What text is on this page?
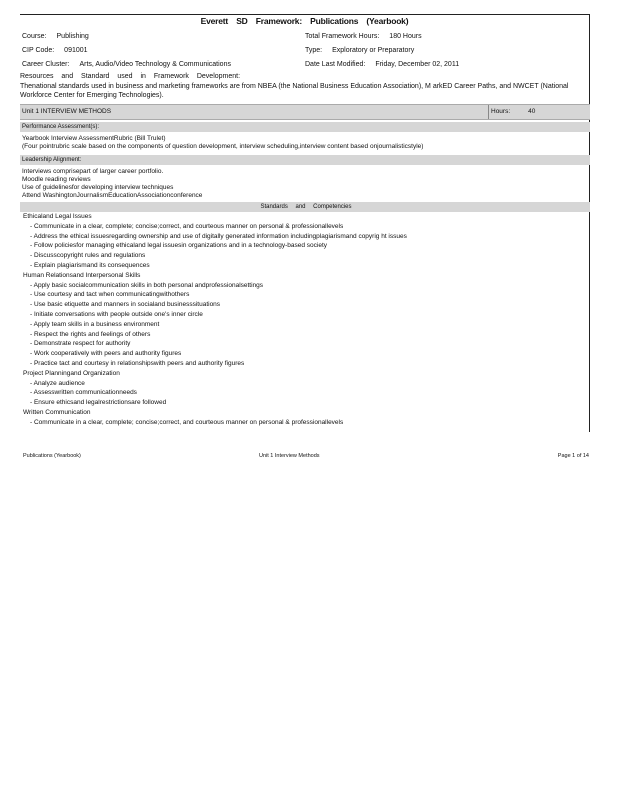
Everett SD Framework: Publications (Yearbook)
Course: Publishing
CIP Code: 091001
Career Cluster: Arts, Audio/Video Technology & Communications
Total Framework Hours: 180 Hours
Type: Exploratory or Preparatory
Date Last Modified: Friday, December 02, 2011
Resources and Standard used in Framework Development:
Thenational standards used in business and marketing frameworks are from NBEA (the National Business Education Association), M arkED Career Paths, and NWCET (National Workforce Center for Emerging Technologies).
Unit 1 INTERVIEW METHODS	Hours:	40
Performance Assessment(s):
Yearbook Interview AssessmentRubric (Bill Trulet)
(Four pointrubric scale based on the components of question development, interview scheduling,interview content based onjournalisticstyle)
Leadership Alignment:
Interviews comprisepart of larger career portfolio.
Moodle reading reviews
Use of guidelinesfor developing interview techniques
Attend WashingtonJournalismEducationAssociationconference
Standards and Competencies
Ethicaland Legal Issues
- Communicate in a clear, complete; concise;correct, and courteous manner on personal & professionallevels
- Address the ethical issuesregarding ownership and use of digitally generated information includingplagiarismand copyrig ht issues
- Follow policiesfor managing ethicaland legal issuesin organizations and in a technology-based society
- Discusscopyright rules and regulations
- Explain plagiarismand its consequences
Human Relationsand Interpersonal Skills
- Apply basic socialcommunication skills in both personal andprofessionalsettings
- Use courtesy and tact when communicatingwithothers
- Use basic etiquette and manners in socialand businesssituations
- Initiate conversations with people outside one's inner circle
- Apply team skills in a business environment
- Respect the rights and feelings of others
- Demonstrate respect for authority
- Work cooperatively with peers and authority figures
- Practice tact and courtesy in relationshipswith peers and authority figures
Project Planningand Organization
- Analyze audience
- Assesswritten communicationneeds
- Ensure ethicsand legalrestrictionsare followed
Written Communication
- Communicate in a clear, complete; concise;correct, and courteous manner on personal & professionallevels
Publications (Yearbook)	Unit 1 Interview Methods	Page 1 of 14
